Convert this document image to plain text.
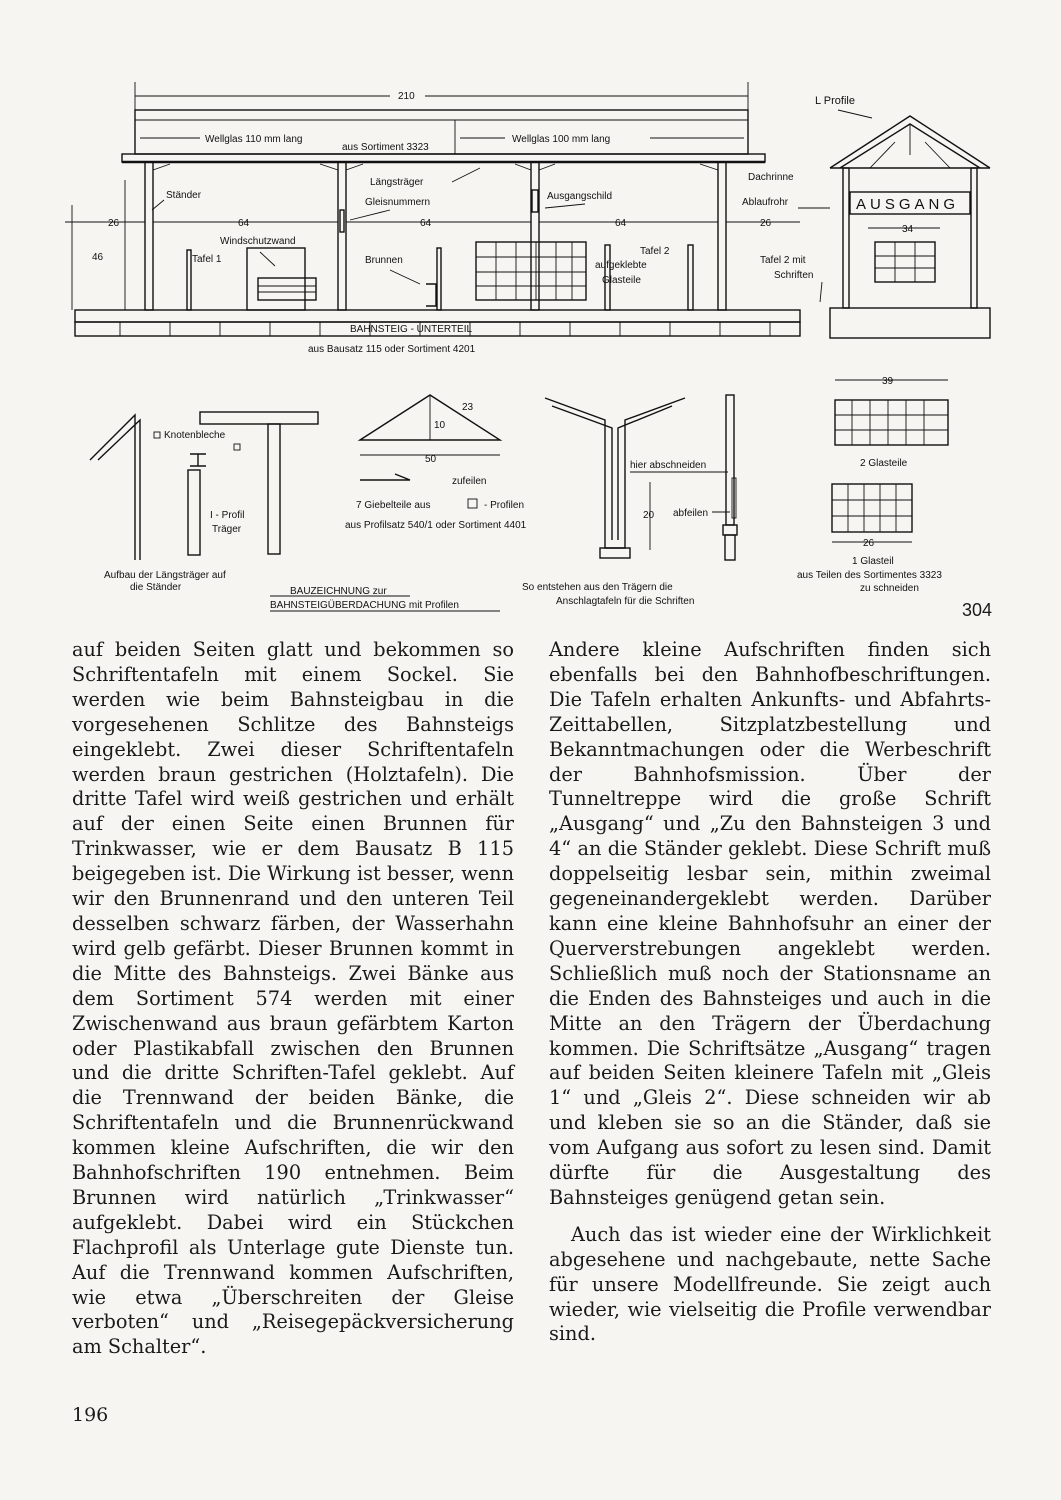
210	L Profile
Wellglas 110 mm lang
aus Sortiment 3323
Wellglas 100 mm lang
Ständer
Längsträger
Gleisnummern
Ausgangschild
Dachrinne
Ablaufrohr
26	64	64	64	26
46
Windschutzwand
Tafel 1	Brunnen
Tafel 2
aufgeklebte
Glasteile
BAHNSTEIG - UNTERTEIL
aus Bausatz 115 oder Sortiment 4201
AUSGANG
34
Tafel 2 mit
Schriften
Knotenbleche
I - Profil
Träger
Aufbau der Längsträger auf
die Ständer
50
23
10
zufeilen
7 Giebelteile aus	- Profilen
aus Profilsatz 540/1 oder Sortiment 4401
BAUZEICHNUNG zur
BAHNSTEIGÜBERDACHUNG mit Profilen
hier abschneiden
20 abfeilen
So entstehen aus den Trägern die
Anschlagtafeln für die Schriften
39
2 Glasteile
26
1 Glasteil
aus Teilen des Sortimentes 3323
zu schneiden
304

auf beiden Seiten glatt und bekommen so Schriftentafeln mit einem Sockel. Sie werden wie beim Bahnsteigbau in die vorgesehenen Schlitze des Bahnsteigs eingeklebt. Zwei dieser Schriftentafeln werden braun gestrichen (Holztafeln). Die dritte Tafel wird weiß gestrichen und erhält auf der einen Seite einen Brunnen für Trinkwasser, wie er dem Bausatz B 115 beigegeben ist. Die Wirkung ist besser, wenn wir den Brunnenrand und den unteren Teil desselben schwarz färben, der Wasserhahn wird gelb gefärbt. Dieser Brunnen kommt in die Mitte des Bahnsteigs. Zwei Bänke aus dem Sortiment 574 werden mit einer Zwischenwand aus braun gefärbtem Karton oder Plastikabfall zwischen den Brunnen und die dritte Schriften-Tafel geklebt. Auf die Trennwand der beiden Bänke, die Schriftentafeln und die Brunnenrückwand kommen kleine Aufschriften, die wir den Bahnhofschriften 190 entnehmen. Beim Brunnen wird natürlich „Trinkwasser“ aufgeklebt. Dabei wird ein Stückchen Flachprofil als Unterlage gute Dienste tun. Auf die Trennwand kommen Aufschriften, wie etwa „Überschreiten der Gleise verboten“ und „Reisegepäckversicherung am Schalter“.

Andere kleine Aufschriften finden sich ebenfalls bei den Bahnhofbeschriftungen. Die Tafeln erhalten Ankunfts- und Abfahrts-Zeittabellen, Sitzplatzbestellung und Bekanntmachungen oder die Werbeschrift der Bahnhofsmission. Über der Tunneltreppe wird die große Schrift „Ausgang“ und „Zu den Bahnsteigen 3 und 4“ an die Ständer geklebt. Diese Schrift muß doppelseitig lesbar sein, mithin zweimal gegeneinandergeklebt werden. Darüber kann eine kleine Bahnhofsuhr an einer der Querverstrebungen angeklebt werden. Schließlich muß noch der Stationsname an die Enden des Bahnsteiges und auch in die Mitte an den Trägern der Überdachung kommen. Die Schriftsätze „Ausgang“ tragen auf beiden Seiten kleinere Tafeln mit „Gleis 1“ und „Gleis 2“. Diese schneiden wir ab und kleben sie so an die Ständer, daß sie vom Aufgang aus sofort zu lesen sind. Damit dürfte für die Ausgestaltung des Bahnsteiges genügend getan sein.

Auch das ist wieder eine der Wirklichkeit abgesehene und nachgebaute, nette Sache für unsere Modellfreunde. Sie zeigt auch wieder, wie vielseitig die Profile verwendbar sind.

196
